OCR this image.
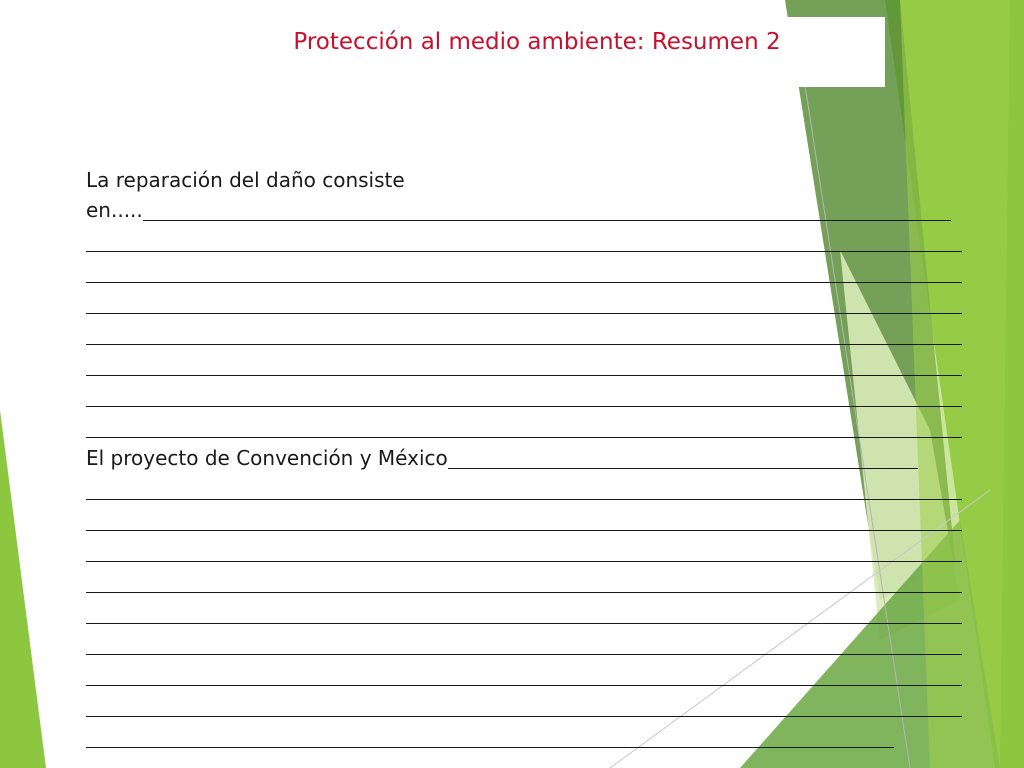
Protección al medio ambiente: Resumen 2
La reparación del daño consiste
en.....
El proyecto de Convención y México
